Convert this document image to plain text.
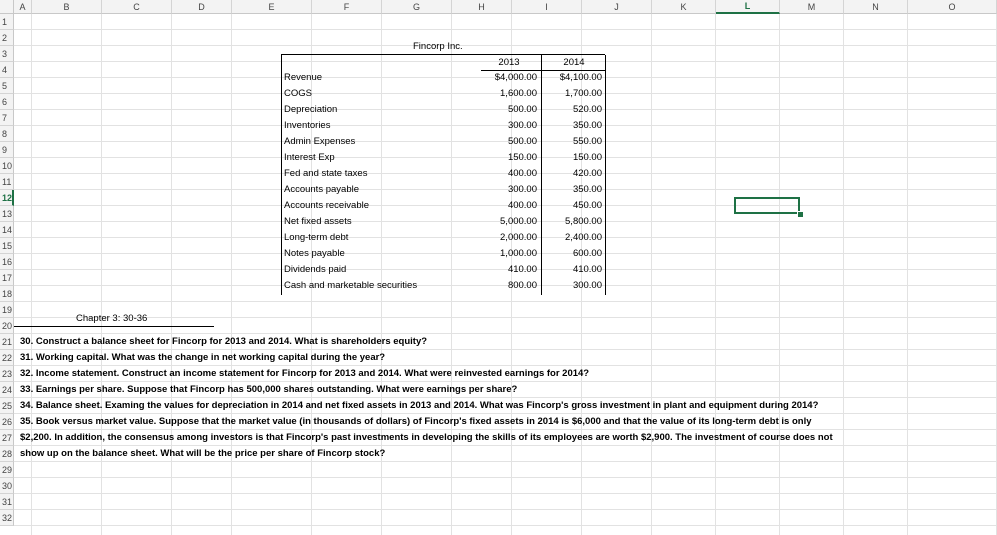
A	B	C	D	E	F	G	H	I	J	K	L	M	N	O
1
2
3
4
5
6
7
8
9
10
11
12
13
14
15
16
17
18
19
20
21
22
23
24
25
26
27
28
29
30
31
32
Fincorp Inc.
2013	2014
Revenue	$4,000.00	$4,100.00
COGS	1,600.00	1,700.00
Depreciation	500.00	520.00
Inventories	300.00	350.00
Admin Expenses	500.00	550.00
Interest Exp	150.00	150.00
Fed and state taxes	400.00	420.00
Accounts payable	300.00	350.00
Accounts receivable	400.00	450.00
Net fixed assets	5,000.00	5,800.00
Long-term debt	2,000.00	2,400.00
Notes payable	1,000.00	600.00
Dividends paid	410.00	410.00
Cash and marketable securities	800.00	300.00
Chapter 3: 30-36
30. Construct a balance sheet for Fincorp for 2013 and 2014. What is shareholders equity?
31. Working capital. What was the change in net working capital during the year?
32. Income statement. Construct an income statement for Fincorp for 2013 and 2014. What were reinvested earnings for 2014?
33. Earnings per share. Suppose that Fincorp has 500,000 shares outstanding. What were earnings per share?
34. Balance sheet. Examing the values for depreciation in 2014 and net fixed assets in 2013 and 2014. What was Fincorp's gross investment in plant and equipment during 2014?
35. Book versus market value. Suppose that the market value (in thousands of dollars) of Fincorp's fixed assets in 2014 is $6,000 and that the value of its long-term debt is only
$2,200. In addition, the consensus among investors is that Fincorp's past investments in developing the skills of its employees are worth $2,900. The investment of course does not
show up on the balance sheet. What will be the price per share of Fincorp stock?
